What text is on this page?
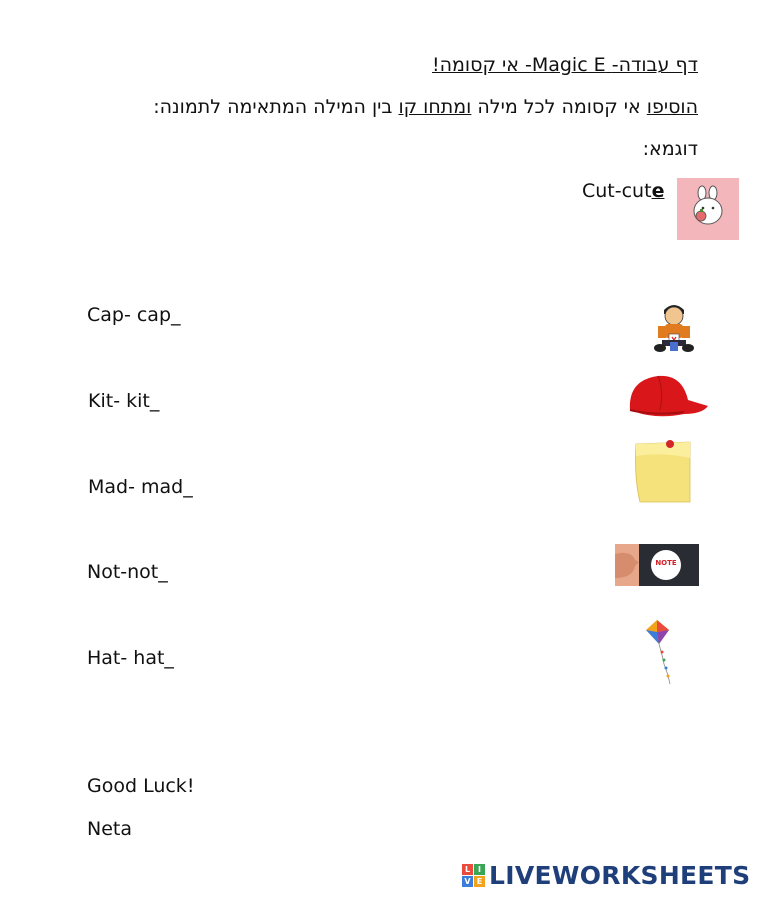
דף עבודה- Magic E- אי קסומה!
הוסיפו אי קסומה לכל מילה ומתחו קו בין המילה המתאימה לתמונה:
דוגמא:
Cut-cute
Cap- cap_
Kit- kit_
Mad- mad_
Not-not_
Hat- hat_
NOTE
Good Luck!
Neta
L I
V E LIVEWORKSHEETS
